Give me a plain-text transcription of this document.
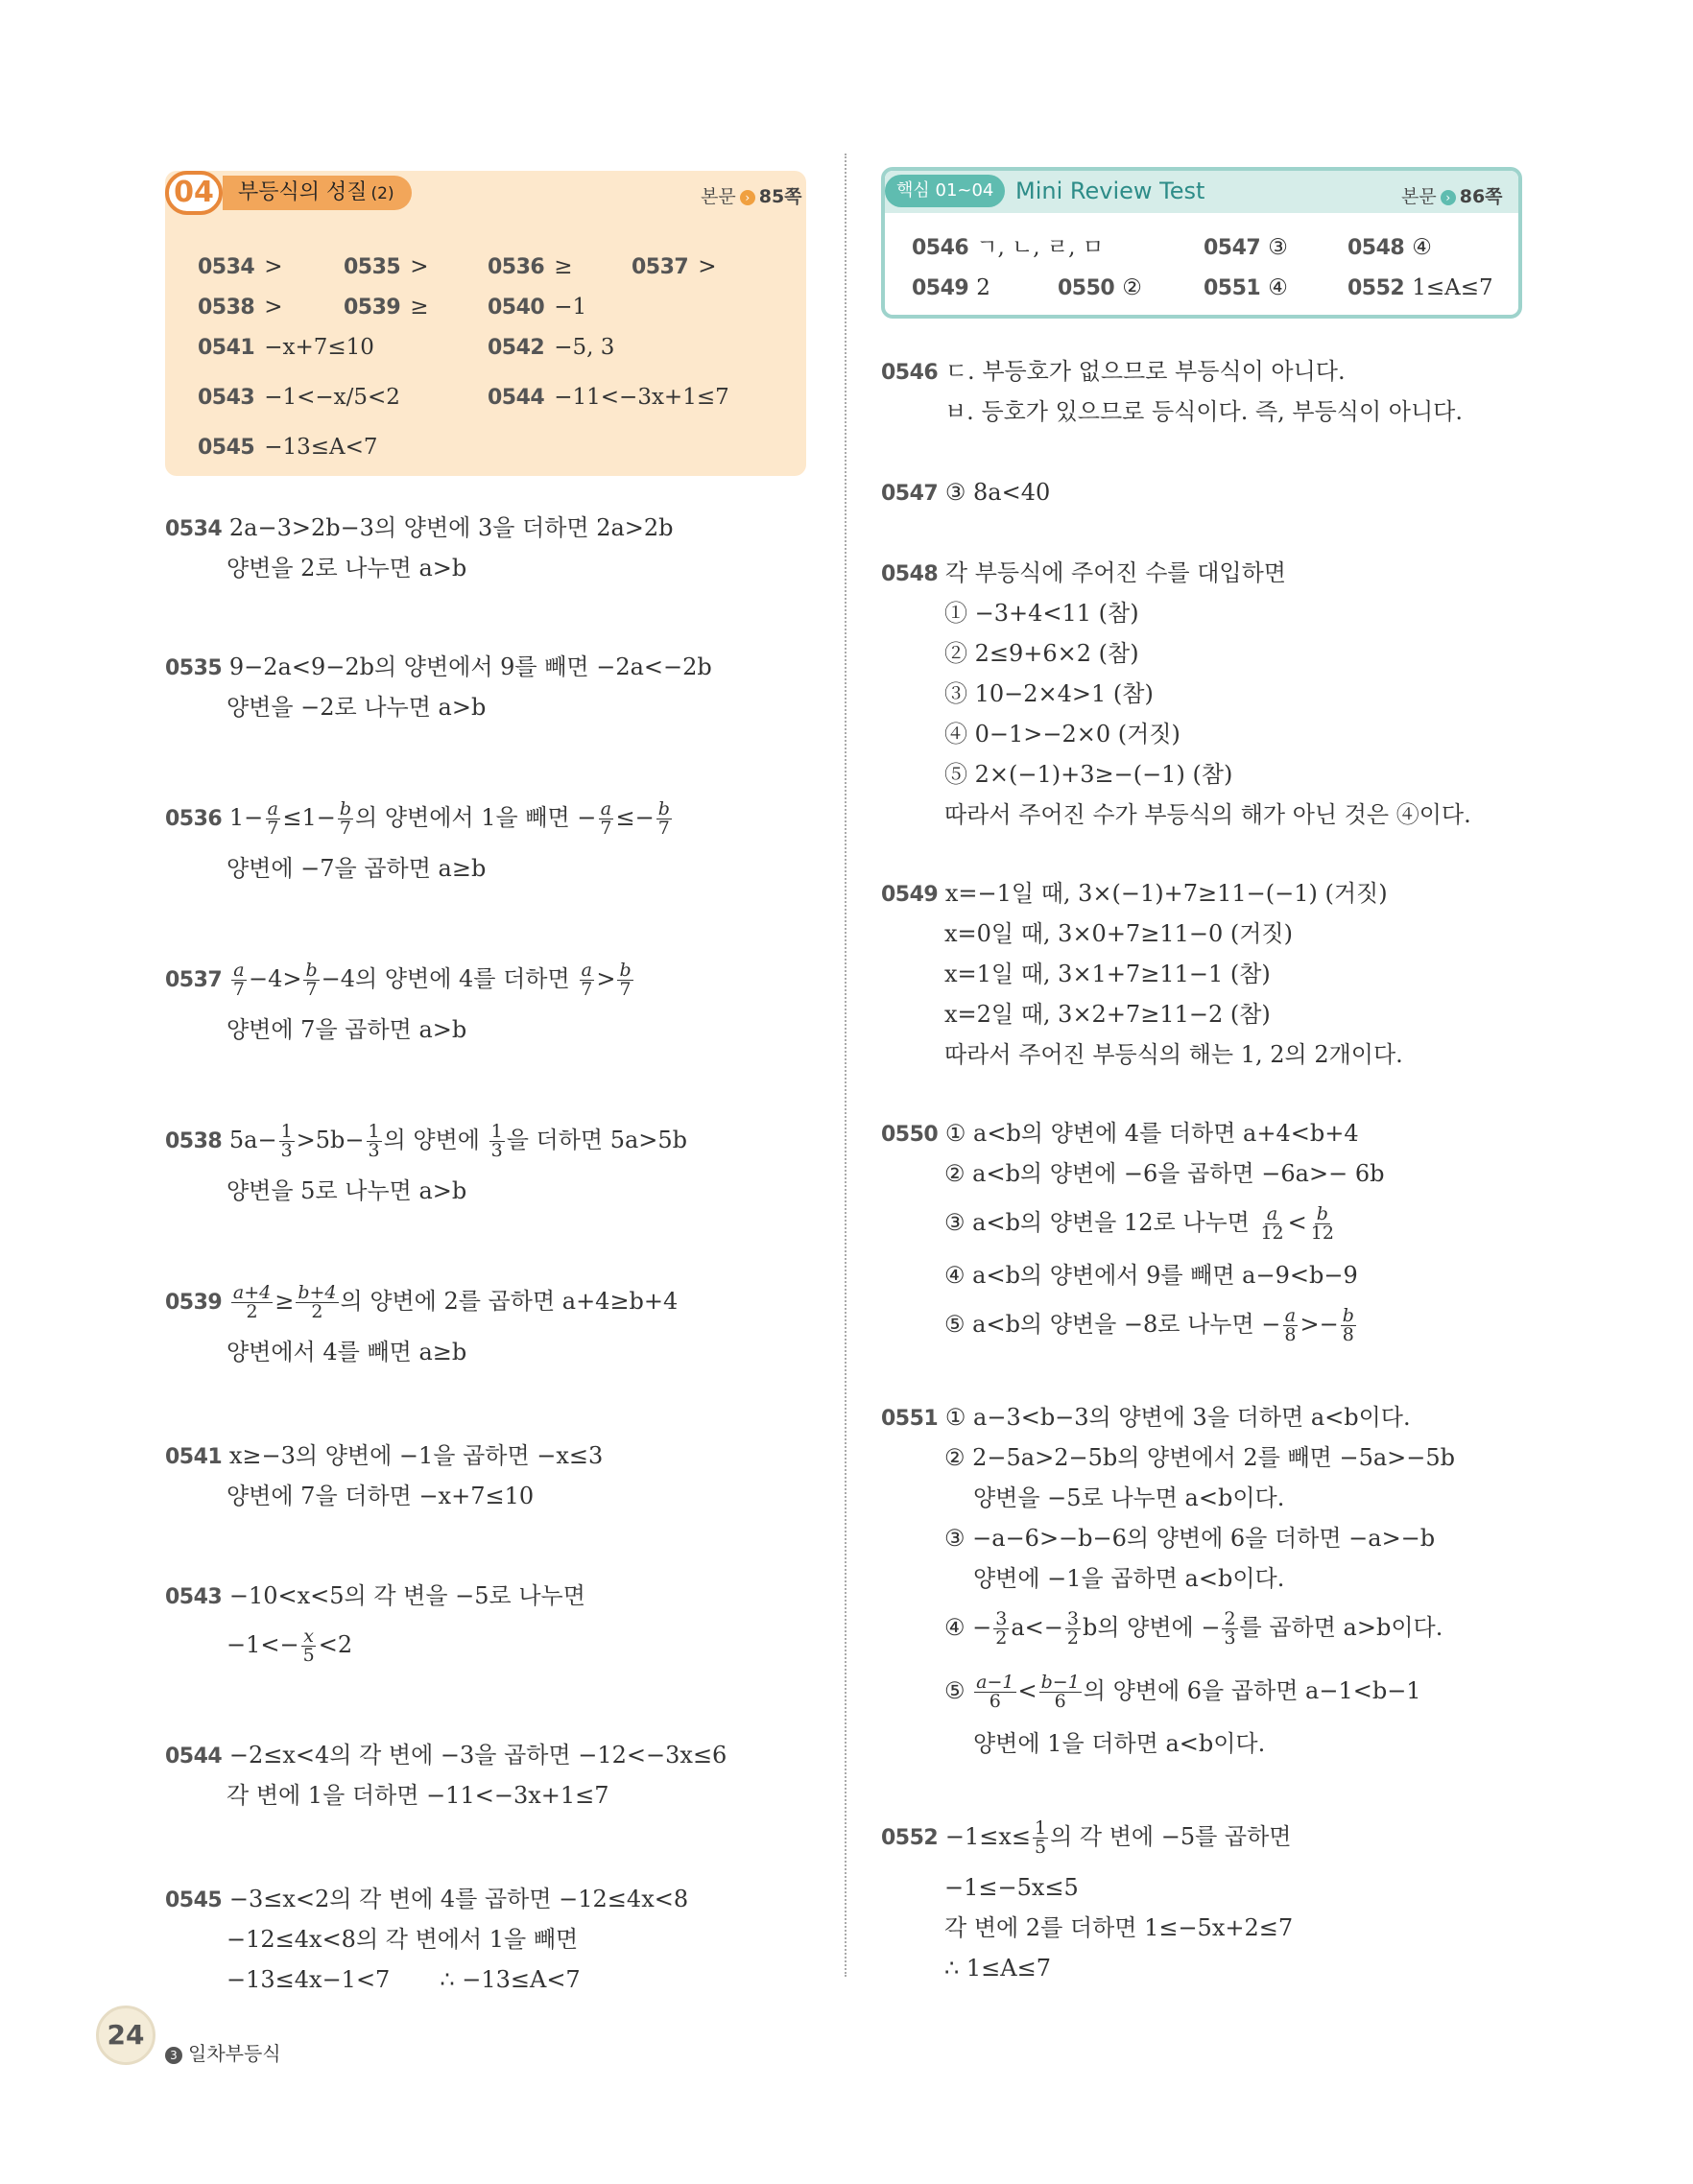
부등식의 성질 (2)
04	본문 › 85쪽
0534 >	0535 >	0536 ≥	0537 >
0538 >	0539 ≥	0540 −1
0541 −x+7≤10	0542 −5, 3
0543 −1<−x/5<2	0544 −11<−3x+1≤7
0545 −13≤A<7
핵심 01~04 Mini Review Test	본문 › 86쪽
0546 ㄱ, ㄴ, ㄹ, ㅁ	0547 ③	0548 ④
0549 2	0550 ②	0551 ④	0552 1≤A≤7
0534 2a−3>2b−3의 양변에 3을 더하면 2a>2b
양변을 2로 나누면 a>b
0535 9−2a<9−2b의 양변에서 9를 빼면 −2a<−2b
양변을 −2로 나누면 a>b
0536 $1- \frac{a}{7} \le 1- \frac{b}{7}$ 의 양변에서 1을 빼면 − $\frac{a}{7} \le- \frac{b}{7}$
양변에 −7을 곱하면 a≥b
$0537 \frac{a}{7} -4> \frac{b}{7} -4$의 양변에 4를 더하면 $\frac{a}{7} > \frac{b}{7}$
양변에 7을 곱하면 a>b
0538 $5a- \frac{1}{3} >5b- \frac{1}{3}$ 의 양변에 $\frac{1}{3}$ 을 더하면 5a>5b
양변을 5로 나누면 a>b
$0539 \frac{a+4}{2} \ge \frac{b+4}{2}$ 의 양변에 2를 곱하면 a+4≥b+4
양변에서 4를 빼면 a≥b
0541 x≥−3의 양변에 −1을 곱하면 −x≤3
양변에 7을 더하면 −x+7≤10
0543 −10<x<5의 각 변을 −5로 나누면
$-1<- \frac{x}{5} <2$
0544 −2≤x<4의 각 변에 −3을 곱하면 −12<−3x≤6
각 변에 1을 더하면 −11<−3x+1≤7
0545 −3≤x<2의 각 변에 4를 곱하면 −12≤4x<8
−12≤4x<8의 각 변에서 1을 빼면
−13≤4x−1<7 ∴ −13≤A<7
0546 ㄷ. 부등호가 없으므로 부등식이 아니다.
ㅂ. 등호가 있으므로 등식이다. 즉, 부등식이 아니다.
0547 ③ 8a<40
0548 각 부등식에 주어진 수를 대입하면
① −3+4<11 (참)
② 2≤9+6×2 (참)
③ 10−2×4>1 (참)
④ 0−1>−2×0 (거짓)
⑤ 2×(−1)+3≥−(−1) (참)
따라서 주어진 수가 부등식의 해가 아닌 것은 ④이다.
0549 x=−1일 때, 3×(−1)+7≥11−(−1) (거짓)
x=0일 때, 3×0+7≥11−0 (거짓)
x=1일 때, 3×1+7≥11−1 (참)
x=2일 때, 3×2+7≥11−2 (참)
따라서 주어진 부등식의 해는 1, 2의 2개이다.
0550 ① a<b의 양변에 4를 더하면 a+4<b+4
② a<b의 양변에 −6을 곱하면 −6a>− 6b
③ a<b의 양변을 12로 나누면 $\frac{a}{12} < \frac{b}{12}$
④ a<b의 양변에서 9를 빼면 a−9<b−9
⑤ a<b의 양변을 −8로 나누면 − $\frac{a}{8} >- \frac{b}{8}$
0551 ① a−3<b−3의 양변에 3을 더하면 a<b이다.
② 2−5a>2−5b의 양변에서 2를 빼면 −5a>−5b
양변을 −5로 나누면 a<b이다.
③ −a−6>−b−6의 양변에 6을 더하면 −a>−b
양변에 −1을 곱하면 a<b이다.
④ − $\frac{3}{2} a<- \frac{3}{2}$ b의 양변에 − $\frac{2}{3}$ 를 곱하면 a>b이다.
⑤ $\frac{a-1}{6} < \frac{b-1}{6}$ 의 양변에 6을 곱하면 a−1<b−1
양변에 1을 더하면 a<b이다.
$0552 -1\le x\le \frac{1}{5}$ 의 각 변에 −5를 곱하면
−1≤−5x≤5
각 변에 2를 더하면 1≤−5x+2≤7
∴ 1≤A≤7
24
3 일차부등식
